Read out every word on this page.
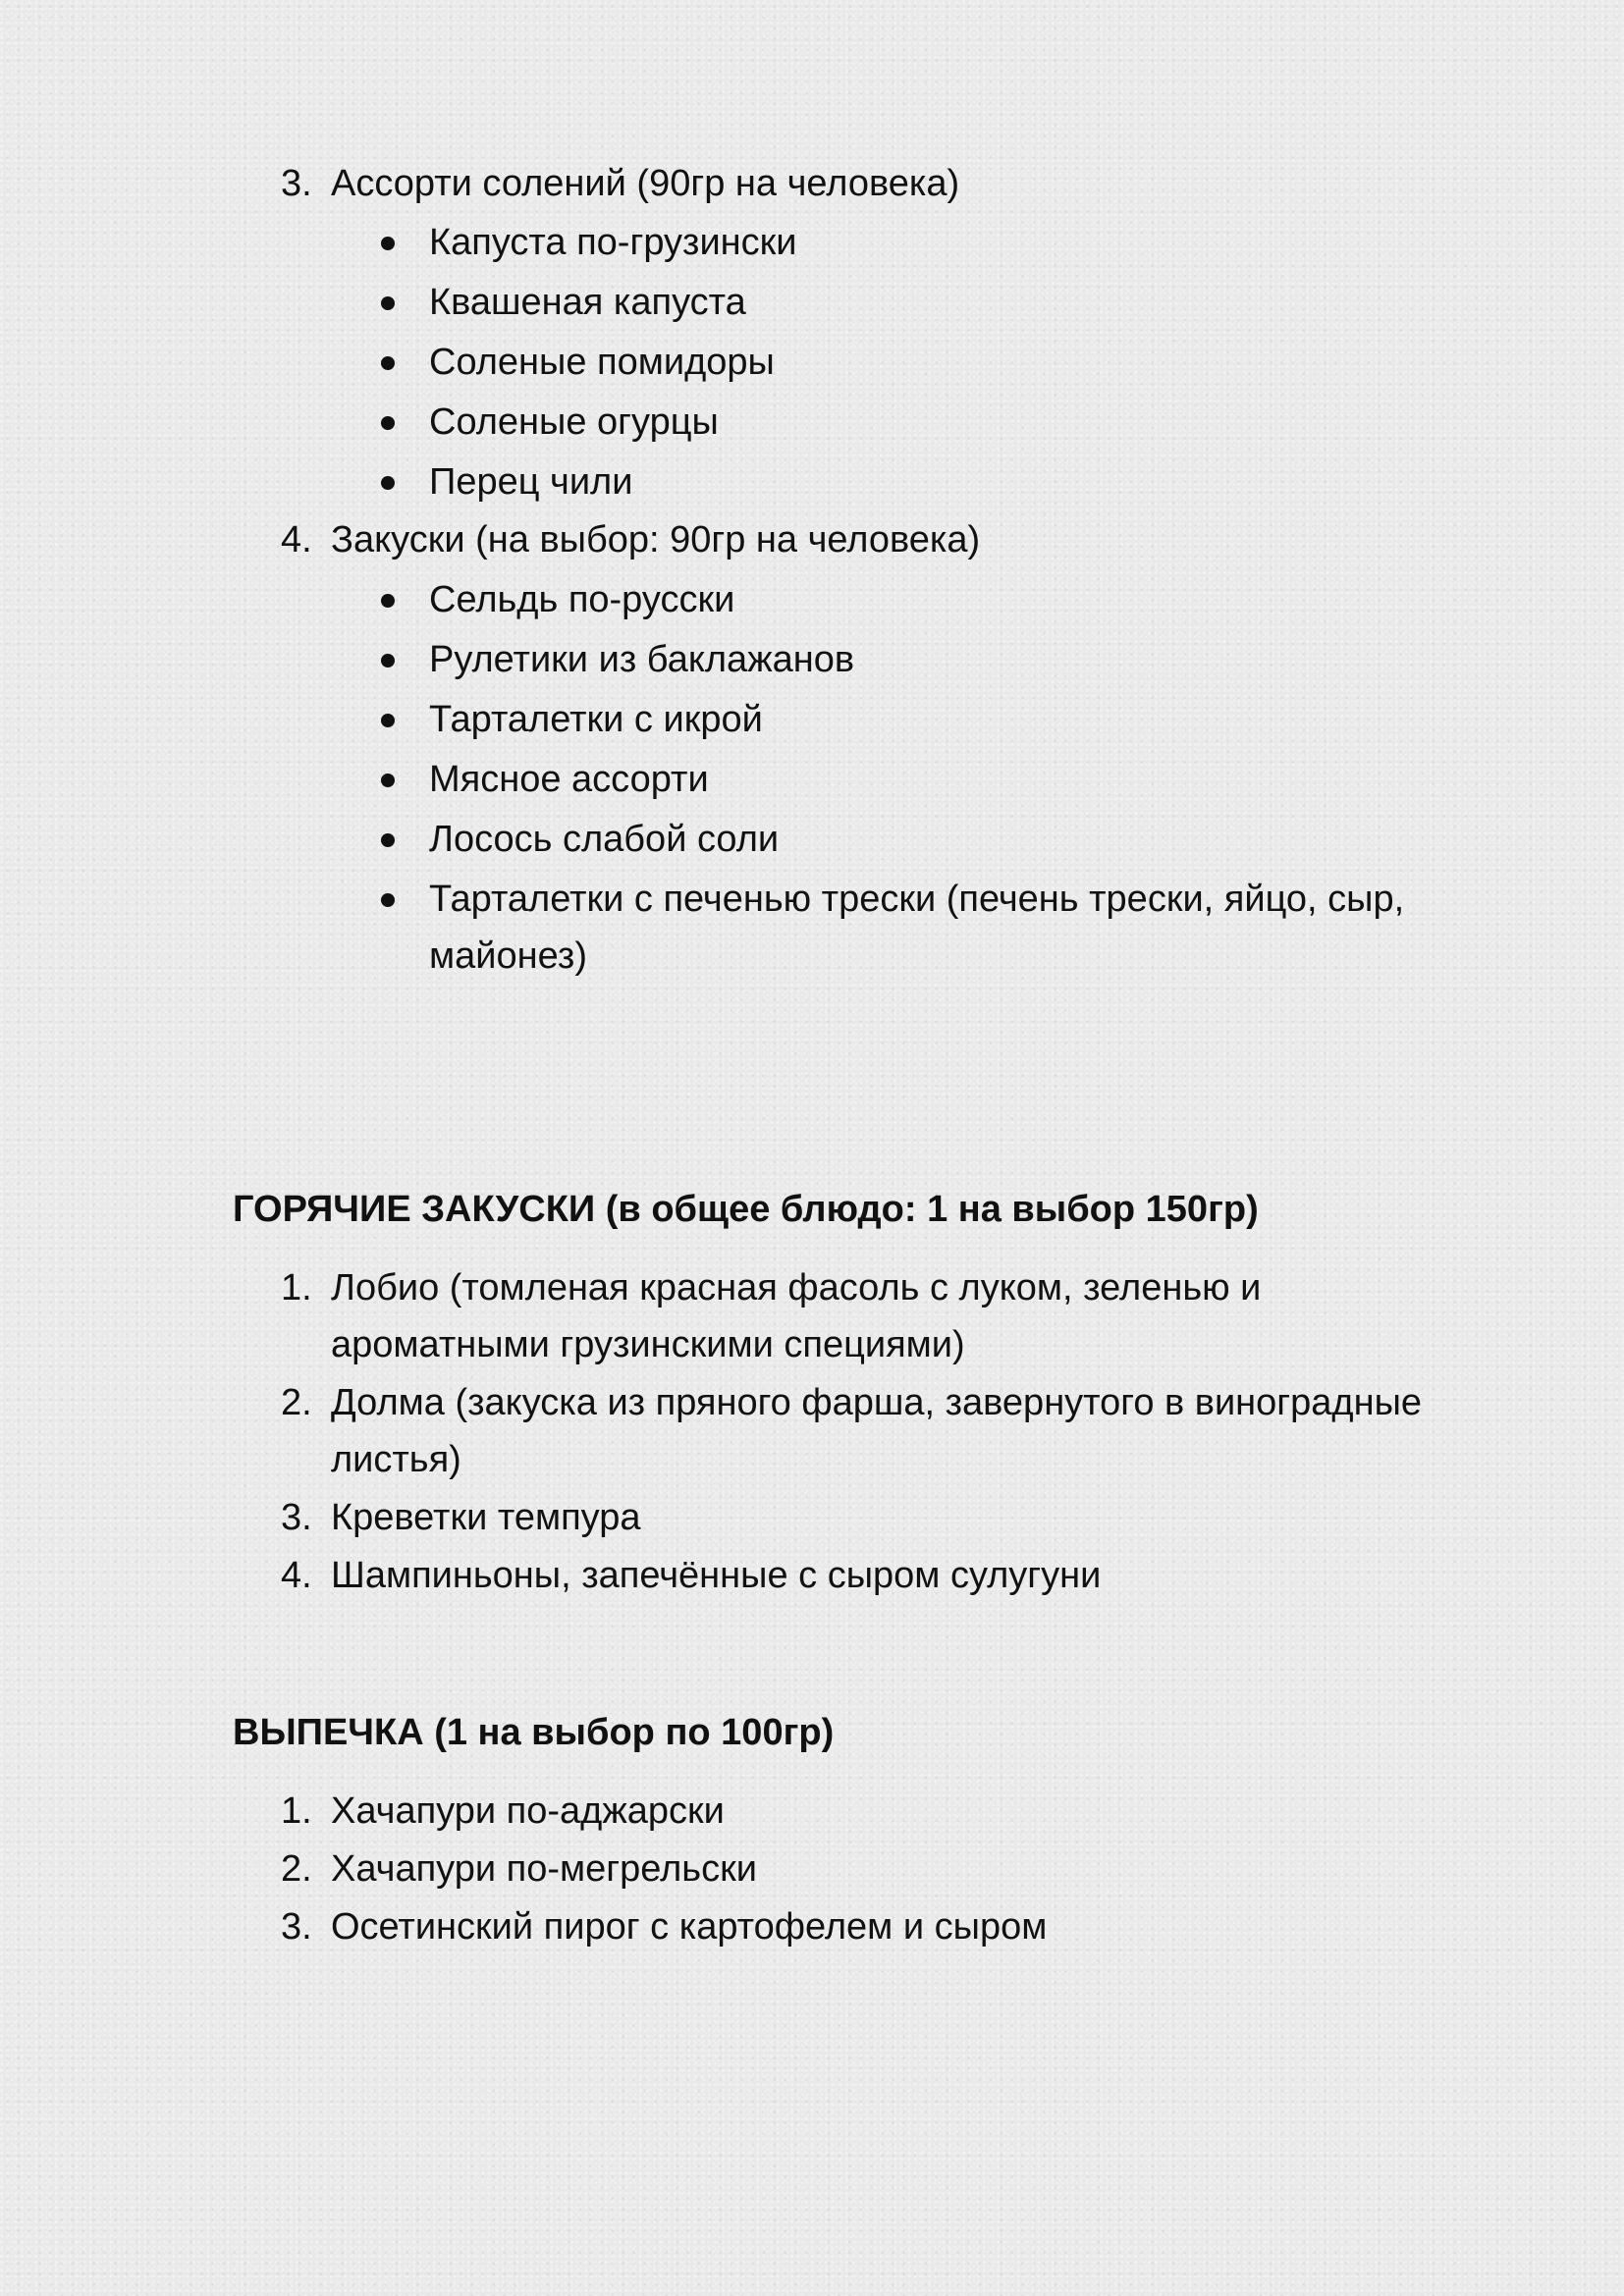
3. Ассорти солений (90гр на человека)
Капуста по-грузински
Квашеная капуста
Соленые помидоры
Соленые огурцы
Перец чили
4. Закуски (на выбор: 90гр на человека)
Сельдь по-русски
Рулетики из баклажанов
Тарталетки с икрой
Мясное ассорти
Лосось слабой соли
Тарталетки с печенью трески (печень трески, яйцо, сыр,
майонез)
ГОРЯЧИЕ ЗАКУСКИ (в общее блюдо: 1 на выбор 150гр)
1. Лобио (томленая красная фасоль с луком, зеленью и
ароматными грузинскими специями)
2. Долма (закуска из пряного фарша, завернутого в виноградные
листья)
3. Креветки темпура
4. Шампиньоны, запечённые с сыром сулугуни
ВЫПЕЧКА (1 на выбор по 100гр)
1. Хачапури по-аджарски
2. Хачапури по-мегрельски
3. Осетинский пирог с картофелем и сыром
